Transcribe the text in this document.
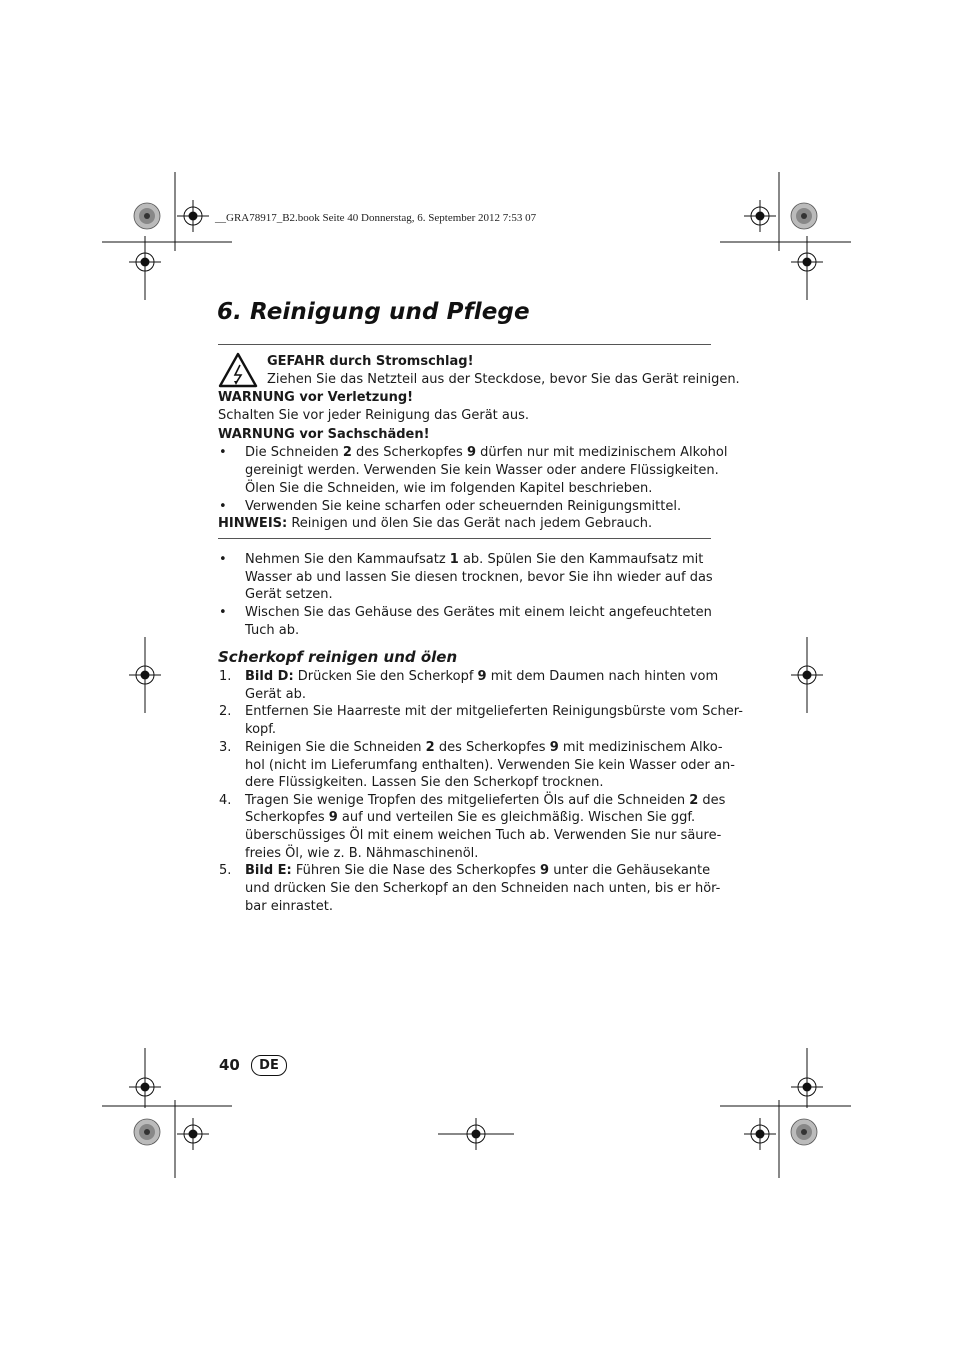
__GRA78917_B2.book Seite 40 Donnerstag, 6. September 2012 7:53 07
6. Reinigung und Pflege
GEFAHR durch Stromschlag!
Ziehen Sie das Netzteil aus der Steckdose, bevor Sie das Gerät reinigen.
WARNUNG vor Verletzung!
Schalten Sie vor jeder Reinigung das Gerät aus.
WARNUNG vor Sachschäden!
• Die Schneiden 2 des Scherkopfes 9 dürfen nur mit medizinischem Alkohol
gereinigt werden. Verwenden Sie kein Wasser oder andere Flüssigkeiten.
Ölen Sie die Schneiden, wie im folgenden Kapitel beschrieben.
• Verwenden Sie keine scharfen oder scheuernden Reinigungsmittel.
HINWEIS: Reinigen und ölen Sie das Gerät nach jedem Gebrauch.
• Nehmen Sie den Kammaufsatz 1 ab. Spülen Sie den Kammaufsatz mit
Wasser ab und lassen Sie diesen trocknen, bevor Sie ihn wieder auf das
Gerät setzen.
• Wischen Sie das Gehäuse des Gerätes mit einem leicht angefeuchteten
Tuch ab.
Scherkopf reinigen und ölen
1. Bild D: Drücken Sie den Scherkopf 9 mit dem Daumen nach hinten vom
Gerät ab.
2. Entfernen Sie Haarreste mit der mitgelieferten Reinigungsbürste vom Scher-
kopf.
3. Reinigen Sie die Schneiden 2 des Scherkopfes 9 mit medizinischem Alko-
hol (nicht im Lieferumfang enthalten). Verwenden Sie kein Wasser oder an-
dere Flüssigkeiten. Lassen Sie den Scherkopf trocknen.
4. Tragen Sie wenige Tropfen des mitgelieferten Öls auf die Schneiden 2 des
Scherkopfes 9 auf und verteilen Sie es gleichmäßig. Wischen Sie ggf.
überschüssiges Öl mit einem weichen Tuch ab. Verwenden Sie nur säure-
freies Öl, wie z. B. Nähmaschinenöl.
5. Bild E: Führen Sie die Nase des Scherkopfes 9 unter die Gehäusekante
und drücken Sie den Scherkopf an den Schneiden nach unten, bis er hör-
bar einrastet.
40	DE
